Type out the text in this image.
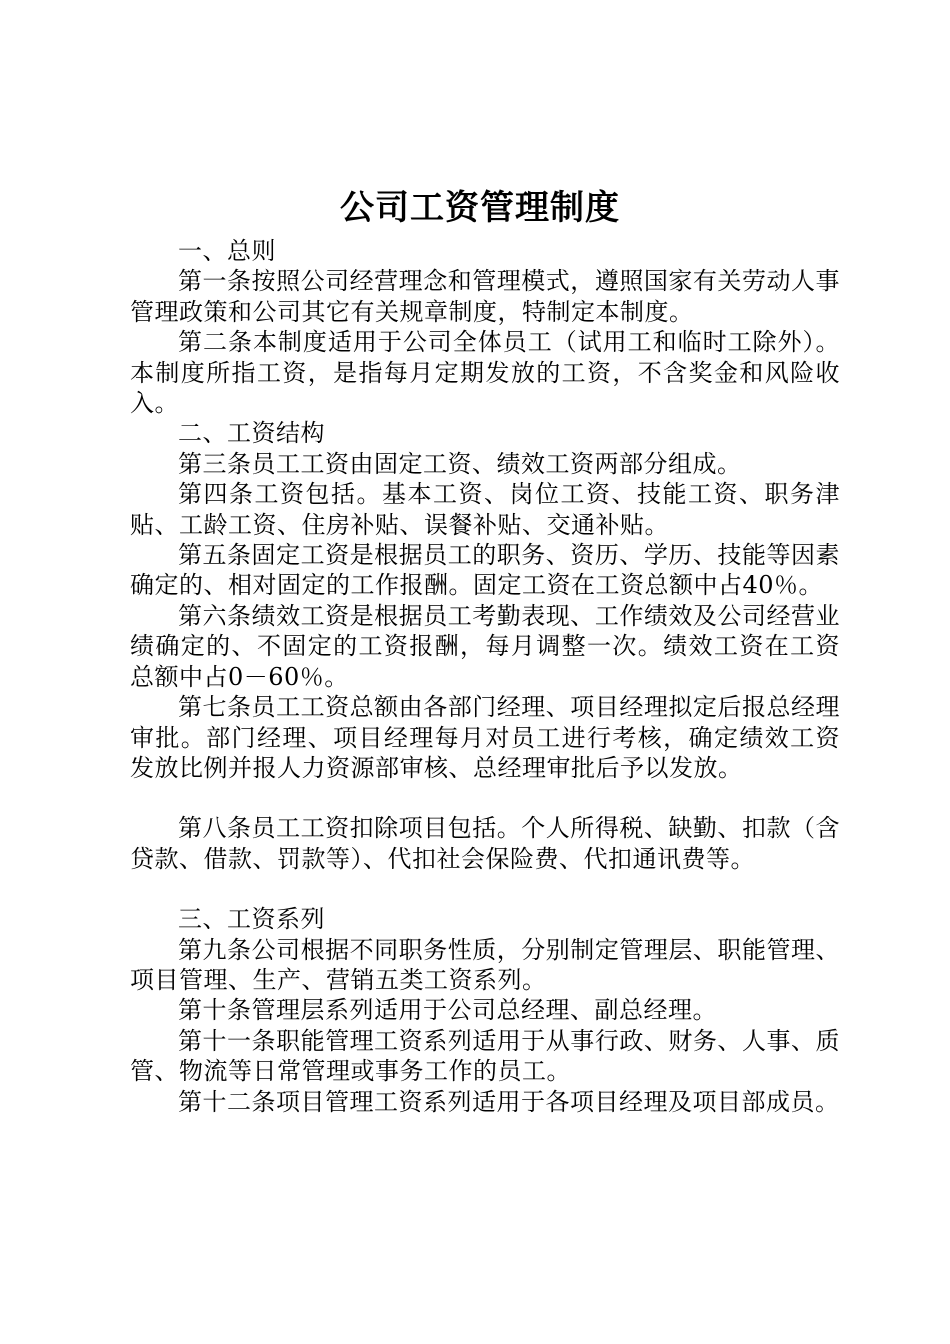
公司工资管理制度

一、总则

第一条按照公司经营理念和管理模式，遵照国家有关劳动人事管理政策和公司其它有关规章制度，特制定本制度。

第二条本制度适用于公司全体员工（试用工和临时工除外）。本制度所指工资，是指每月定期发放的工资，不含奖金和风险收入。

二、工资结构

第三条员工工资由固定工资、绩效工资两部分组成。

第四条工资包括。基本工资、岗位工资、技能工资、职务津贴、工龄工资、住房补贴、误餐补贴、交通补贴。

第五条固定工资是根据员工的职务、资历、学历、技能等因素确定的、相对固定的工作报酬。固定工资在工资总额中占40％。

第六条绩效工资是根据员工考勤表现、工作绩效及公司经营业绩确定的、不固定的工资报酬，每月调整一次。绩效工资在工资总额中占0－60％。

第七条员工工资总额由各部门经理、项目经理拟定后报总经理审批。部门经理、项目经理每月对员工进行考核，确定绩效工资发放比例并报人力资源部审核、总经理审批后予以发放。

第八条员工工资扣除项目包括。个人所得税、缺勤、扣款（含贷款、借款、罚款等）、代扣社会保险费、代扣通讯费等。

三、工资系列

第九条公司根据不同职务性质，分别制定管理层、职能管理、项目管理、生产、营销五类工资系列。

第十条管理层系列适用于公司总经理、副总经理。

第十一条职能管理工资系列适用于从事行政、财务、人事、质管、物流等日常管理或事务工作的员工。

第十二条项目管理工资系列适用于各项目经理及项目部成员。
